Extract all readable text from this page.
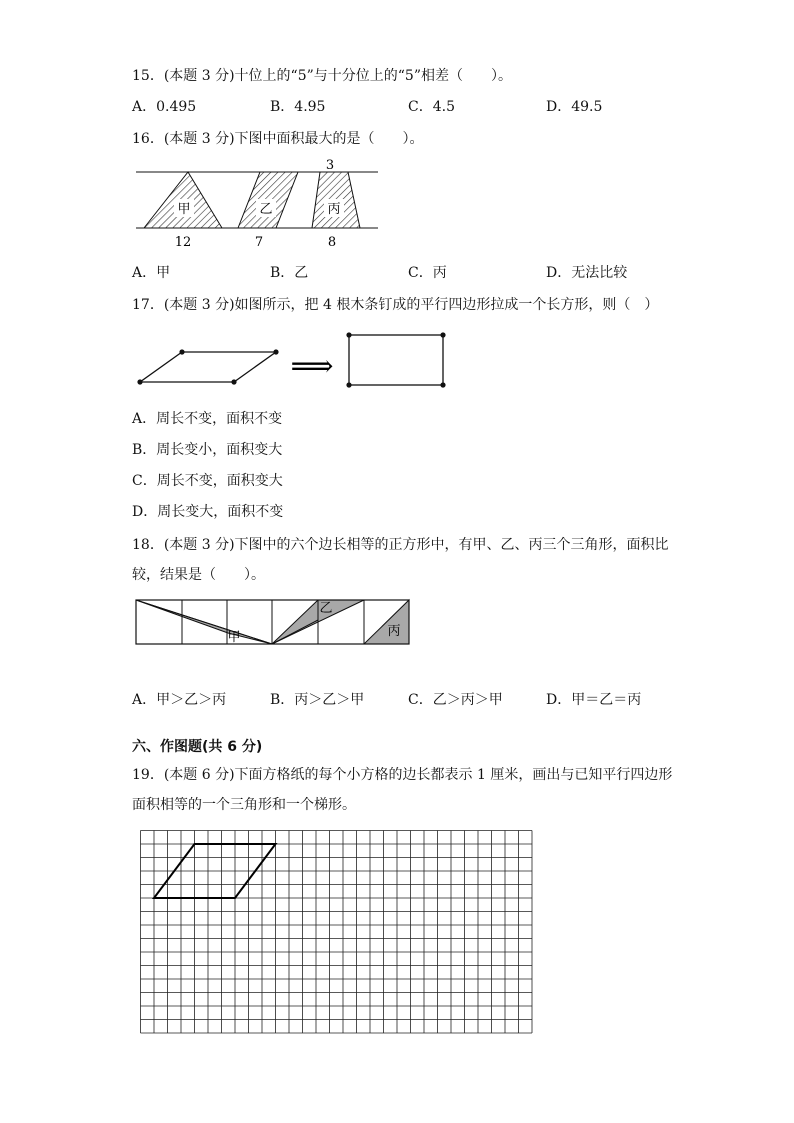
15．(本题 3 分)十位上的“5”与十分位上的“5”相差（　　）。
A．0.495	B．4.95	C．4.5	D．49.5
16．(本题 3 分)下图中面积最大的是（　　）。
3
甲	乙	丙
12	7	8
A．甲	B．乙	C．丙	D．无法比较
17．(本题 3 分)如图所示，把 4 根木条钉成的平行四边形拉成一个长方形，则（　）
⟹
A．周长不变，面积不变
B．周长变小，面积变大
C．周长不变，面积变大
D．周长变大，面积不变
18．(本题 3 分)下图中的六个边长相等的正方形中，有甲、乙、丙三个三角形，面积比
较，结果是（　　）。
甲
乙
丙
A．甲＞乙＞丙	B．丙＞乙＞甲	C．乙＞丙＞甲	D．甲＝乙＝丙
六、作图题(共 6 分)
19．(本题 6 分)下面方格纸的每个小方格的边长都表示 1 厘米，画出与已知平行四边形
面积相等的一个三角形和一个梯形。
